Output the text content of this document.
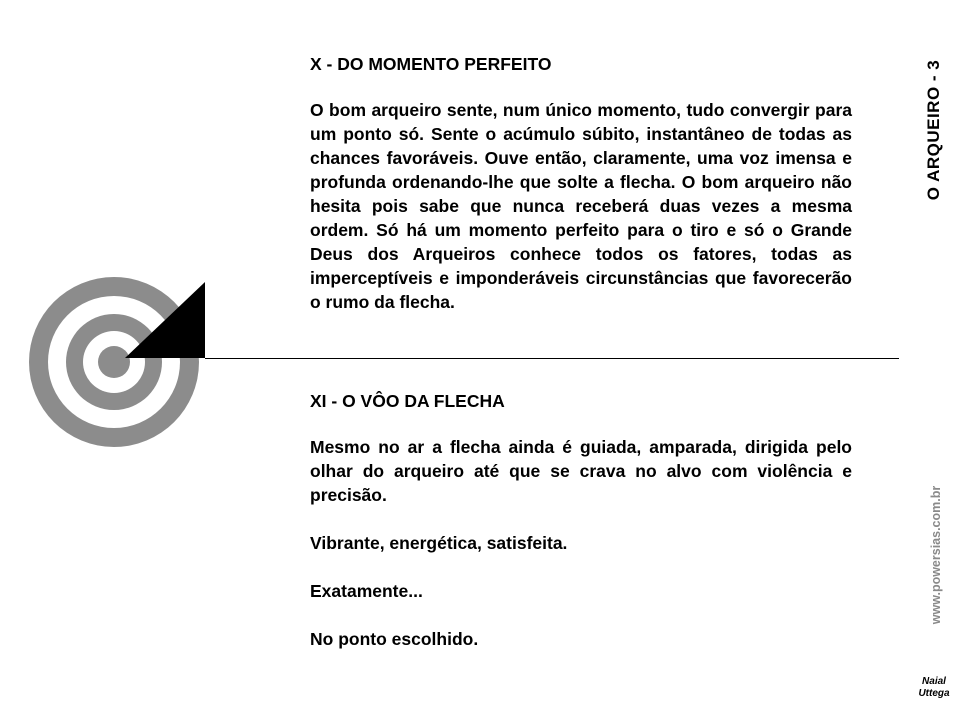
X - DO MOMENTO PERFEITO

O bom arqueiro sente, num único momento, tudo convergir para um ponto só. Sente o acúmulo súbito, instantâneo de todas as chances favoráveis. Ouve então, claramente, uma voz imensa e profunda ordenando-lhe que solte a flecha. O bom arqueiro não hesita pois sabe que nunca receberá duas vezes a mesma ordem. Só há um momento perfeito para o tiro e só o Grande Deus dos Arqueiros conhece todos os fatores, todas as imperceptíveis e imponderáveis circunstâncias que favorecerão o rumo da flecha.

XI - O VÔO DA FLECHA

Mesmo no ar a flecha ainda é guiada, amparada, dirigida pelo olhar do arqueiro até que se crava no alvo com violência e precisão.

Vibrante, energética, satisfeita.

Exatamente...

No ponto escolhido.

O ARQUEIRO - 3
www.powersias.com.br
Naial
Uttega
